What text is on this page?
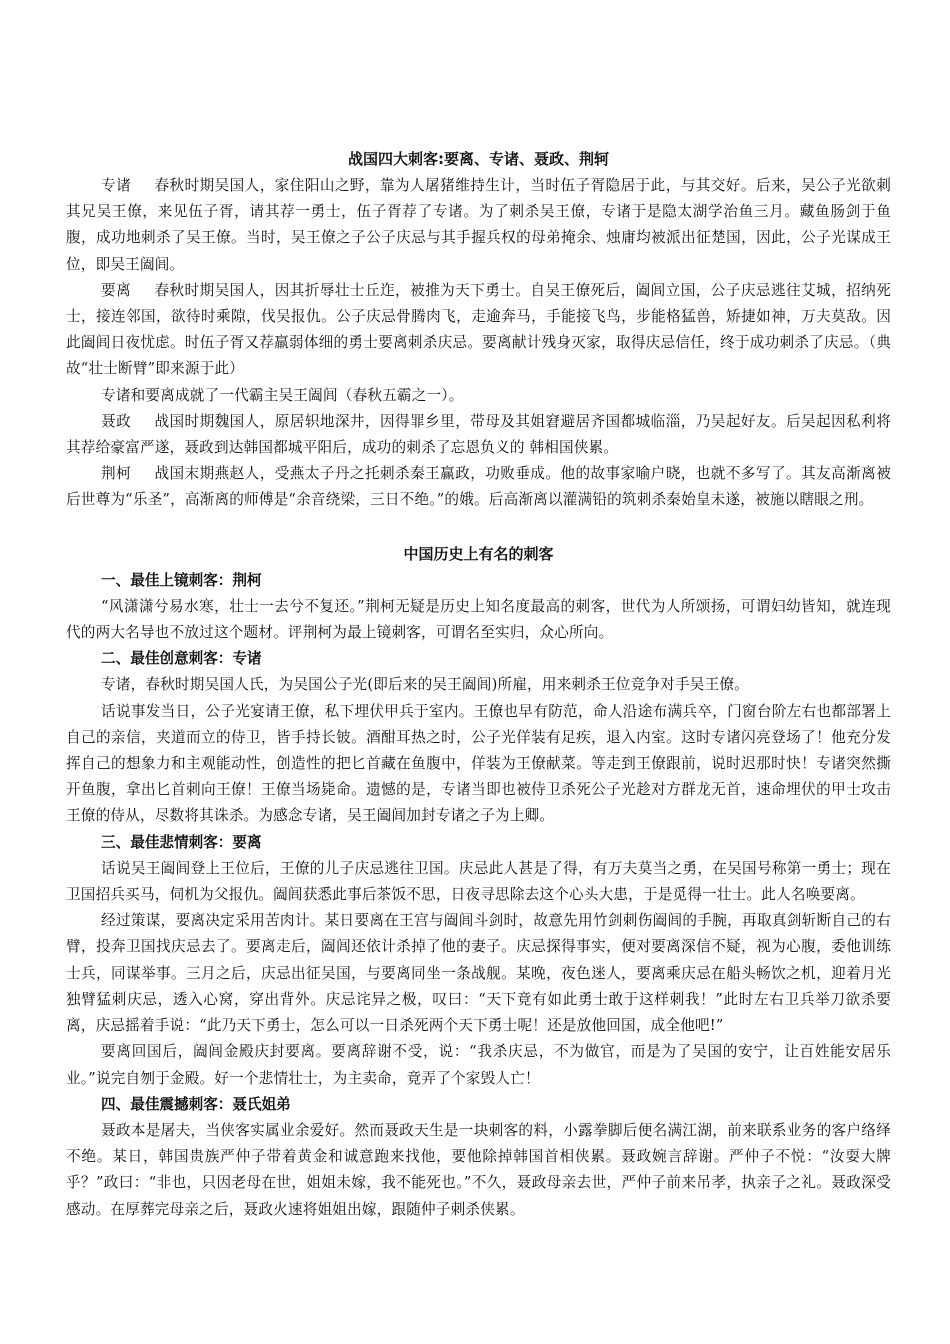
战国四大刺客:要离、专诸、聂政、荆轲

专诸 春秋时期吴国人，家住阳山之野，靠为人屠猪维持生计，当时伍子胥隐居于此，与其交好。后来，吴公子光欲刺其兄吴王僚，来见伍子胥，请其荐一勇士，伍子胥荐了专诸。为了刺杀吴王僚，专诸于是隐太湖学治鱼三月。藏鱼肠剑于鱼腹，成功地刺杀了吴王僚。当时，吴王僚之子公子庆忌与其手握兵权的母弟掩余、烛庸均被派出征楚国，因此，公子光谋成王位，即吴王阖闾。

要离 春秋时期吴国人，因其折辱壮士丘迮，被推为天下勇士。自吴王僚死后，阖闾立国，公子庆忌逃往艾城，招纳死士，接连邻国，欲待时乘隙，伐吴报仇。公子庆忌骨腾肉飞，走逾奔马，手能接飞鸟，步能格猛兽，矫捷如神，万夫莫敌。因此阖闾日夜忧虑。时伍子胥又荐羸弱体细的勇士要离刺杀庆忌。要离献计残身灭家，取得庆忌信任，终于成功刺杀了庆忌。（典故“壮士断臂”即来源于此）

专诸和要离成就了一代霸主吴王阖闾（春秋五霸之一）。

聂政 战国时期魏国人，原居轵地深井，因得罪乡里，带母及其姐窘避居齐国都城临淄，乃吴起好友。后吴起因私利将其荐给豪富严遂，聂政到达韩国都城平阳后，成功的刺杀了忘恩负义的 韩相国侠累。

荆柯 战国末期燕赵人，受燕太子丹之托刺杀秦王赢政，功败垂成。他的故事家喻户晓，也就不多写了。其友高渐离被后世尊为“乐圣”，高渐离的师傅是“余音绕梁，三日不绝。”的娥。后高渐离以灌满铅的筑刺杀秦始皇未遂，被施以瞎眼之刑。

中国历史上有名的刺客

一、最佳上镜刺客：荆柯

“风潇潇兮易水寒，壮士一去兮不复还。”荆柯无疑是历史上知名度最高的刺客，世代为人所颂扬，可谓妇幼皆知，就连现代的两大名导也不放过这个题材。评荆柯为最上镜刺客，可谓名至实归，众心所向。

二、最佳创意刺客：专诸

专诸，春秋时期吴国人氏，为吴国公子光(即后来的吴王阖闾)所雇，用来刺杀王位竞争对手吴王僚。

话说事发当日，公子光宴请王僚，私下埋伏甲兵于室内。王僚也早有防范，命人沿途布满兵卒，门窗台阶左右也都部署上自己的亲信，夹道而立的侍卫，皆手持长铍。酒酣耳热之时，公子光佯装有足疾，退入内室。这时专诸闪亮登场了！他充分发挥自己的想象力和主观能动性，创造性的把匕首藏在鱼腹中，佯装为王僚献菜。等走到王僚跟前，说时迟那时快！专诸突然撕开鱼腹，拿出匕首刺向王僚！王僚当场毙命。遗憾的是，专诸当即也被侍卫杀死公子光趁对方群龙无首，速命埋伏的甲士攻击王僚的侍从，尽数将其诛杀。为感念专诸，吴王阖闾加封专诸之子为上卿。

三、最佳悲情刺客：要离

话说吴王阖闾登上王位后，王僚的儿子庆忌逃往卫国。庆忌此人甚是了得，有万夫莫当之勇，在吴国号称第一勇士；现在卫国招兵买马，伺机为父报仇。阖闾获悉此事后茶饭不思，日夜寻思除去这个心头大患，于是觅得一壮士。此人名唤要离。

经过策谋，要离决定采用苦肉计。某日要离在王宫与阖闾斗剑时，故意先用竹剑刺伤阖闾的手腕，再取真剑斩断自己的右臂，投奔卫国找庆忌去了。要离走后，阖闾还依计杀掉了他的妻子。庆忌探得事实，便对要离深信不疑，视为心腹，委他训练士兵，同谋举事。三月之后，庆忌出征吴国，与要离同坐一条战舰。某晚，夜色迷人，要离乘庆忌在船头畅饮之机，迎着月光独臂猛刺庆忌，透入心窝，穿出背外。庆忌诧异之极，叹曰：“天下竟有如此勇士敢于这样刺我！”此时左右卫兵举刀欲杀要离，庆忌摇着手说：“此乃天下勇士，怎么可以一日杀死两个天下勇士呢！还是放他回国，成全他吧!”

要离回国后，阖闾金殿庆封要离。要离辞谢不受，说：“我杀庆忌，不为做官，而是为了吴国的安宁，让百姓能安居乐业。”说完自刎于金殿。好一个悲情壮士，为主卖命，竟弄了个家毁人亡！

四、最佳震撼刺客：聂氏姐弟

聂政本是屠夫，当侠客实属业余爱好。然而聂政天生是一块刺客的料，小露拳脚后便名满江湖，前来联系业务的客户络绎不绝。某日，韩国贵族严仲子带着黄金和诚意跑来找他，要他除掉韩国首相侠累。聂政婉言辞谢。严仲子不悦：“汝耍大牌乎？”政曰：“非也，只因老母在世，姐姐未嫁，我不能死也。”不久，聂政母亲去世，严仲子前来吊孝，执亲子之礼。聂政深受感动。在厚葬完母亲之后，聂政火速将姐姐出嫁，跟随仲子刺杀侠累。
